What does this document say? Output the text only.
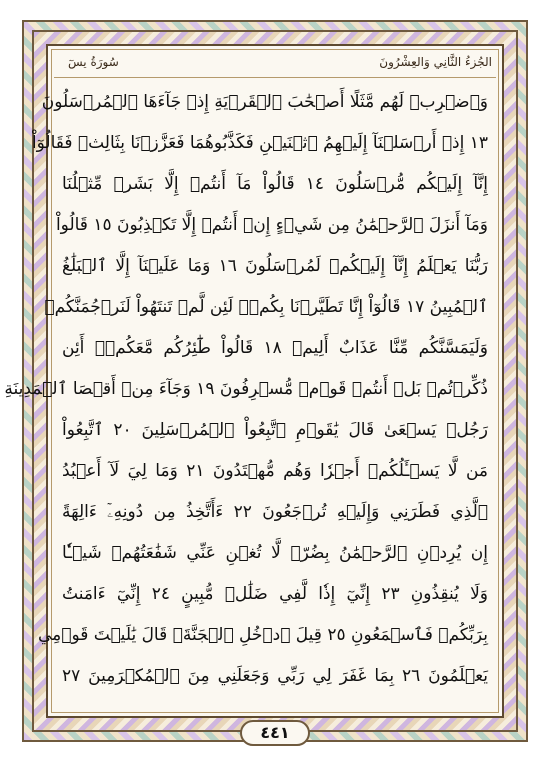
الجُزءُ الثَّانِي وَالعِشْرُونَ
سُورَةُ يسٓ
وَٱضۡرِبۡ لَهُم مَّثَلًا أَصۡحَٰبَ ٱلۡقَرۡيَةِ إِذۡ جَآءَهَا ٱلۡمُرۡسَلُونَ
١٣ إِذۡ أَرۡسَلۡنَآ إِلَيۡهِمُ ٱثۡنَيۡنِ فَكَذَّبُوهُمَا فَعَزَّزۡنَا بِثَالِثٖ فَقَالُوٓاْ
إِنَّآ إِلَيۡكُم مُّرۡسَلُونَ ١٤ قَالُواْ مَآ أَنتُمۡ إِلَّا بَشَرٞ مِّثۡلُنَا
وَمَآ أَنزَلَ ٱلرَّحۡمَٰنُ مِن شَيۡءٍ إِنۡ أَنتُمۡ إِلَّا تَكۡذِبُونَ ١٥ قَالُواْ
رَبُّنَا يَعۡلَمُ إِنَّآ إِلَيۡكُمۡ لَمُرۡسَلُونَ ١٦ وَمَا عَلَيۡنَآ إِلَّا ٱلۡبَلَٰغُ
ٱلۡمُبِينُ ١٧ قَالُوٓاْ إِنَّا تَطَيَّرۡنَا بِكُمۡۖ لَئِن لَّمۡ تَنتَهُواْ لَنَرۡجُمَنَّكُمۡ
وَلَيَمَسَّنَّكُم مِّنَّا عَذَابٌ أَلِيمٞ ١٨ قَالُواْ طَٰٓئِرُكُم مَّعَكُمۡۚ أَئِن
ذُكِّرۡتُمۚ بَلۡ أَنتُمۡ قَوۡمٞ مُّسۡرِفُونَ ١٩ وَجَآءَ مِنۡ أَقۡصَا ٱلۡمَدِينَةِ
رَجُلٞ يَسۡعَىٰ قَالَ يَٰقَوۡمِ ٱتَّبِعُواْ ٱلۡمُرۡسَلِينَ ٢٠ ٱتَّبِعُواْ
مَن لَّا يَسۡـَٔلُكُمۡ أَجۡرٗا وَهُم مُّهۡتَدُونَ ٢١ وَمَا لِيَ لَآ أَعۡبُدُ
ٱلَّذِي فَطَرَنِي وَإِلَيۡهِ تُرۡجَعُونَ ٢٢ ءَأَتَّخِذُ مِن دُونِهِۦٓ ءَالِهَةً
إِن يُرِدۡنِ ٱلرَّحۡمَٰنُ بِضُرّٖ لَّا تُغۡنِ عَنِّي شَفَٰعَتُهُمۡ شَيۡـٔٗا
وَلَا يُنقِذُونِ ٢٣ إِنِّيٓ إِذٗا لَّفِي ضَلَٰلٖ مُّبِينٍ ٢٤ إِنِّيٓ ءَامَنتُ
بِرَبِّكُمۡ فَٱسۡمَعُونِ ٢٥ قِيلَ ٱدۡخُلِ ٱلۡجَنَّةَۖ قَالَ يَٰلَيۡتَ قَوۡمِي
يَعۡلَمُونَ ٢٦ بِمَا غَفَرَ لِي رَبِّي وَجَعَلَنِي مِنَ ٱلۡمُكۡرَمِينَ ٢٧
٤٤١
